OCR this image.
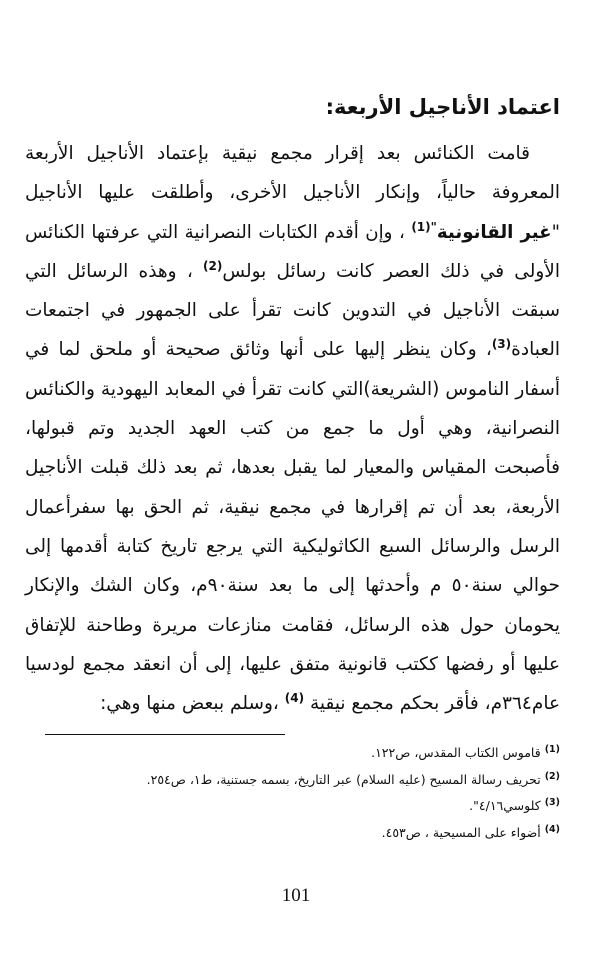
اعتماد الأناجيل الأربعة:
قامت الكنائس بعد إقرار مجمع نيقية بإعتماد الأناجيل الأربعة
المعروفة حالياً، وإنكار الأناجيل الأخرى، وأطلقت عليها الأناجيل
"غير القانونية$^{"(1)}$ ، وإن أقدم الكتابات النصرانية التي عرفتها الكنائس
الأولى في ذلك العصر كانت رسائل بولس$^{(2)}$ ، وهذه الرسائل التي
سبقت الأناجيل في التدوين كانت تقرأ على الجمهور في اجتمعات
العبادة$^{(3)}$، وكان ينظر إليها على أنها وثائق صحيحة أو ملحق لما في
أسفار الناموس (الشريعة)التي كانت تقرأ في المعابد اليهودية والكنائس
النصرانية، وهي أول ما جمع من كتب العهد الجديد وتم قبولها،
فأصبحت المقياس والمعيار لما يقبل بعدها، ثم بعد ذلك قبلت الأناجيل
الأربعة، بعد أن تم إقرارها في مجمع نيقية، ثم الحق بها سفرأعمال
الرسل والرسائل السبع الكاثوليكية التي يرجع تاريخ كتابة أقدمها إلى
حوالي سنة٥٠ م وأحدثها إلى ما بعد سنة٩٠م، وكان الشك والإنكار
يحومان حول هذه الرسائل، فقامت منازعات مريرة وطاحنة للإتفاق
عليها أو رفضها ككتب قانونية متفق عليها، إلى أن انعقد مجمع لودسيا
عام٣٦٤م، فأقر بحكم مجمع نيقية $^{(4)}$ ،وسلم ببعض منها وهي:
$^{(1)}$ قاموس الكتاب المقدس، ص١٢٢.
$^{(2)}$ تحريف رسالة المسيح (عليه السلام) عبر التاريخ، بسمه جستنية، ط١، ص٢٥٤.
$^{(3)}$ كلوسي٤/١٦".
$^{(4)}$ أضواء على المسيحية ، ص٤٥٣.
101
